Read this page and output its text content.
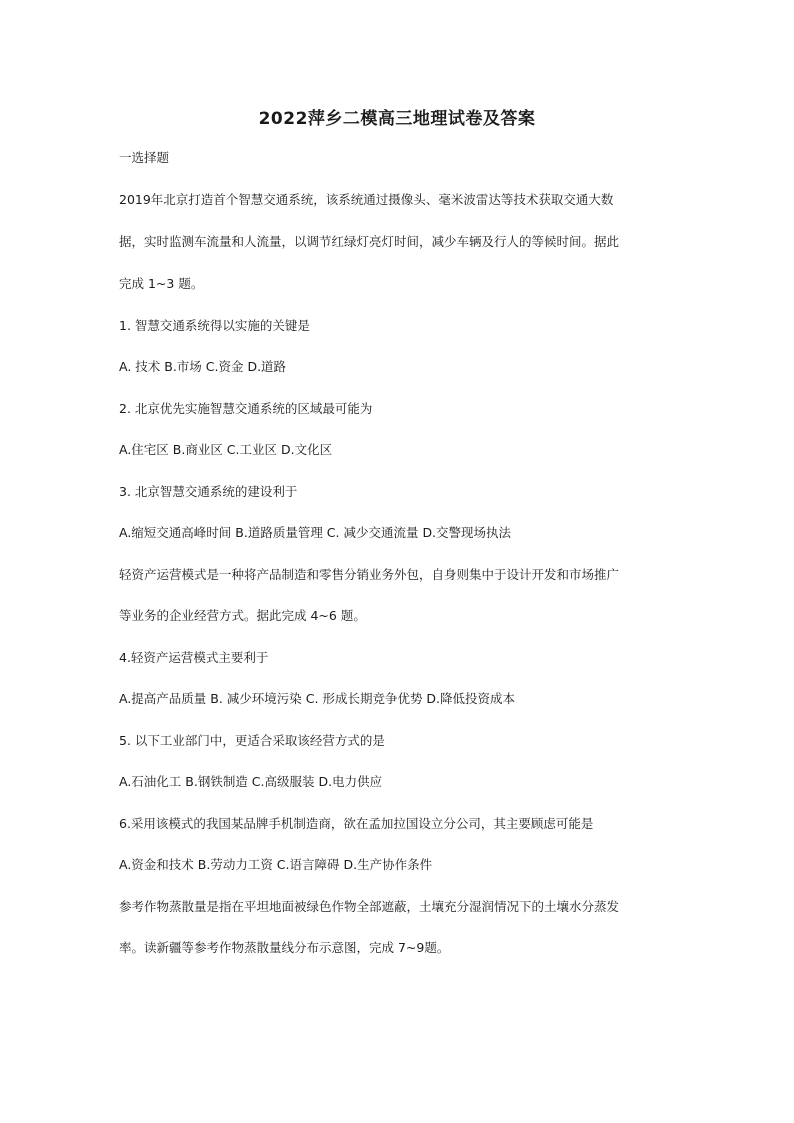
2022萍乡二模高三地理试卷及答案
一选择题
2019年北京打造首个智慧交通系统，该系统通过摄像头、毫米波雷达等技术获取交通大数
据，实时监测车流量和人流量，以调节红绿灯亮灯时间，减少车辆及行人的等候时间。据此
完成 1~3 题。
1. 智慧交通系统得以实施的关键是
A. 技术 B.市场 C.资金 D.道路
2. 北京优先实施智慧交通系统的区域最可能为
A.住宅区 B.商业区 C.工业区 D.文化区
3. 北京智慧交通系统的建设利于
A.缩短交通高峰时间 B.道路质量管理 C. 减少交通流量 D.交警现场执法
轻资产运营模式是一种将产品制造和零售分销业务外包，自身则集中于设计开发和市场推广
等业务的企业经营方式。据此完成 4~6 题。
4.轻资产运营模式主要利于
A.提高产品质量 B. 减少环境污染 C. 形成长期竞争优势 D.降低投资成本
5. 以下工业部门中，更适合采取该经营方式的是
A.石油化工 B.钢铁制造 C.高级服装 D.电力供应
6.采用该模式的我国某品牌手机制造商，欲在孟加拉国设立分公司，其主要顾虑可能是
A.资金和技术 B.劳动力工资 C.语言障碍 D.生产协作条件
参考作物蒸散量是指在平坦地面被绿色作物全部遮蔽，土壤充分湿润情况下的土壤水分蒸发
率。读新疆等参考作物蒸散量线分布示意图，完成 7~9题。
